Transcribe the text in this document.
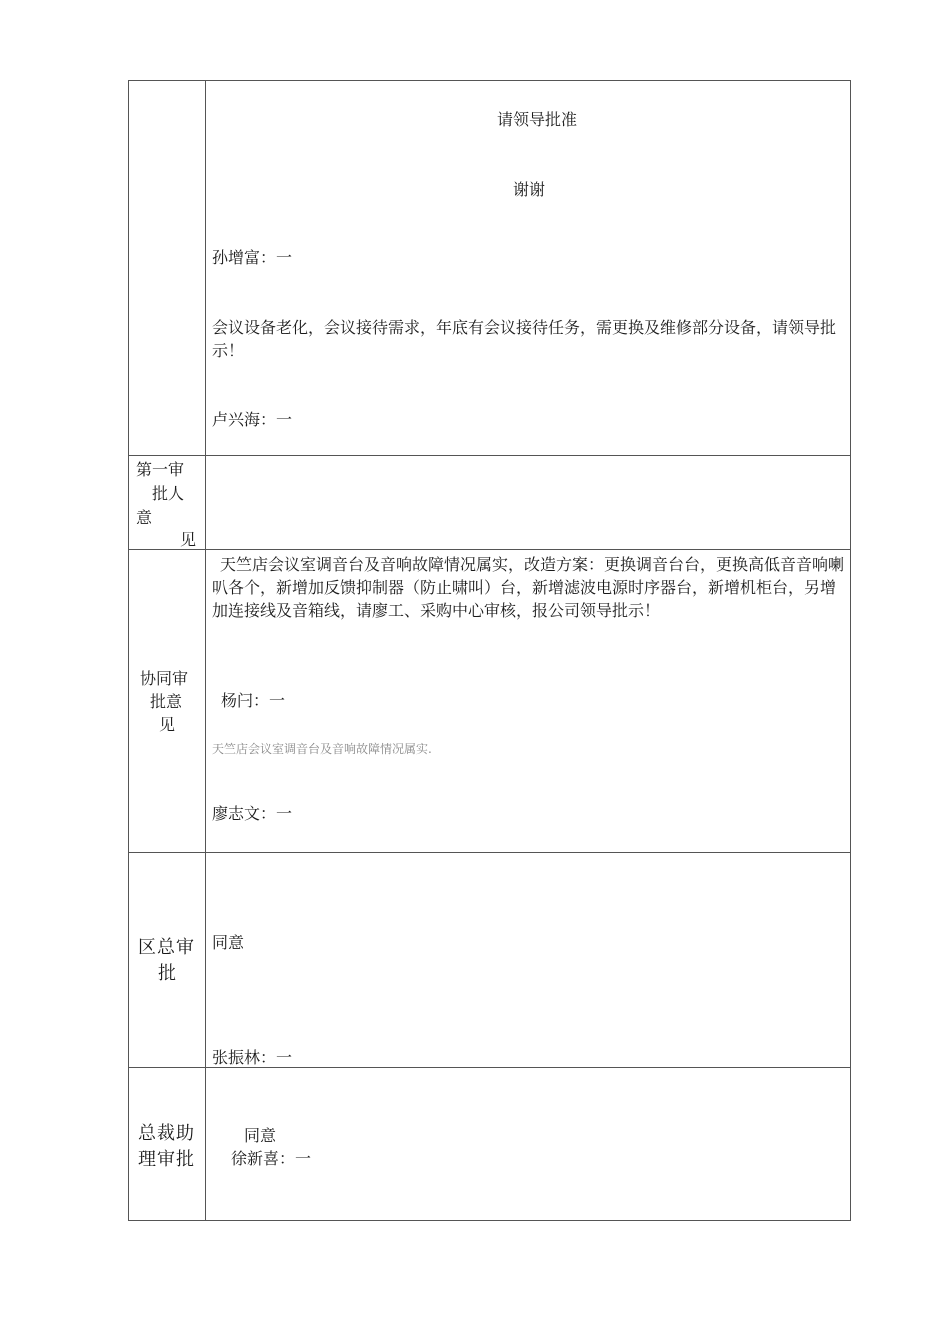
请领导批准
谢谢
孙增富：一
会议设备老化，会议接待需求，年底有会议接待任务，需更换及维修部分设备，请领导批示！
卢兴海：一
第一审
批人
意
见
协同审
批意
见
天竺店会议室调音台及音响故障情况属实，改造方案：更换调音台台，更换高低音音响喇叭各个，新增加反馈抑制器（防止啸叫）台，新增滤波电源时序器台，新增机柜台，另增加连接线及音箱线，请廖工、采购中心审核，报公司领导批示！
杨闩：一
天竺店会议室调音台及音响故障情况属实.
廖志文：一
区总审
批
同意
张振林：一
总裁助
理审批
同意
徐新喜：一
